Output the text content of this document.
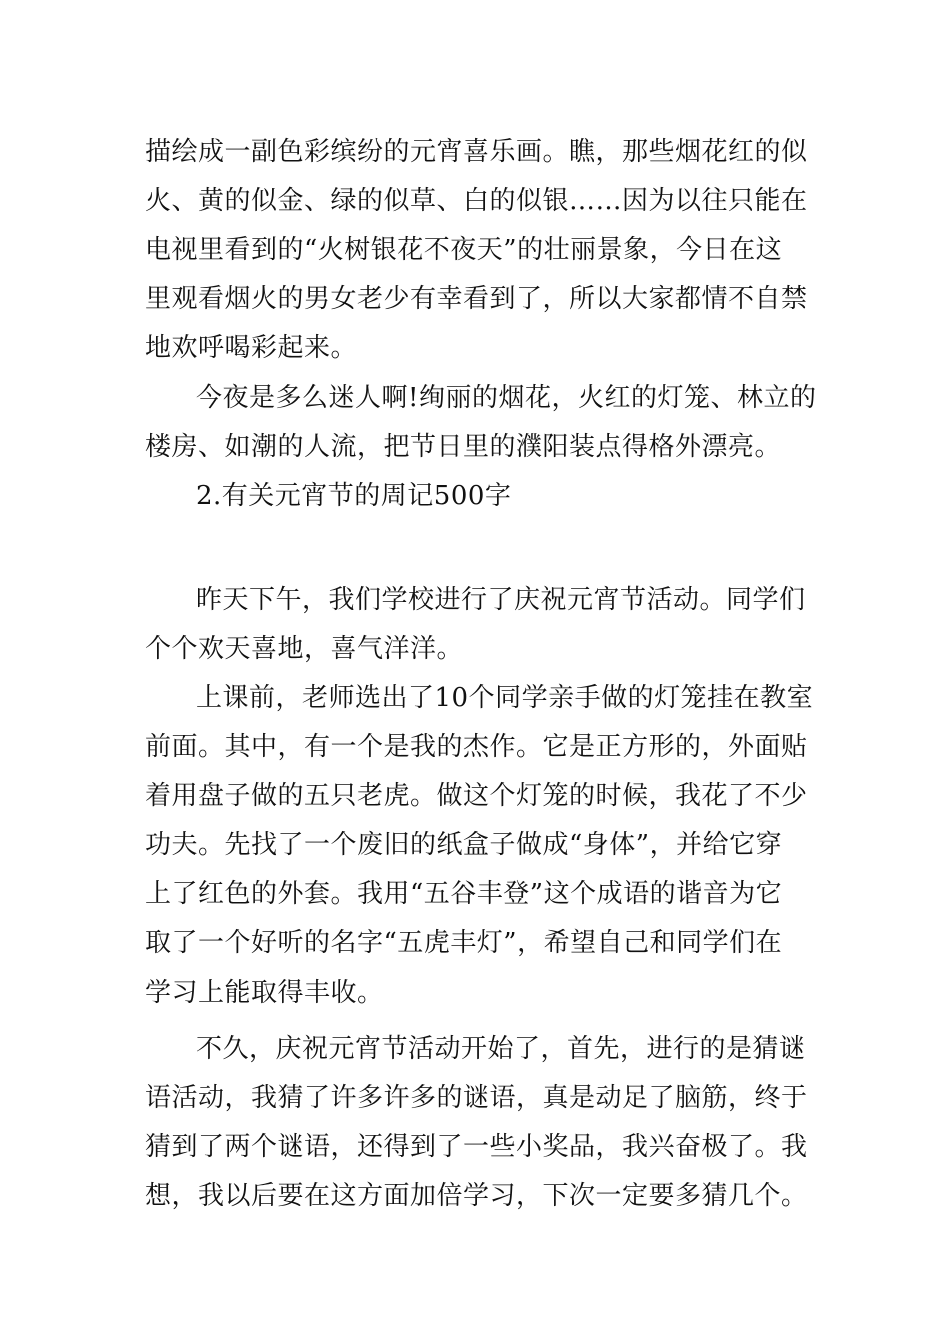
描绘成一副色彩缤纷的元宵喜乐画。瞧，那些烟花红的似
火、黄的似金、绿的似草、白的似银……因为以往只能在
电视里看到的“火树银花不夜天”的壮丽景象，今日在这
里观看烟火的男女老少有幸看到了，所以大家都情不自禁
地欢呼喝彩起来。
今夜是多么迷人啊!绚丽的烟花，火红的灯笼、林立的
楼房、如潮的人流，把节日里的濮阳装点得格外漂亮。
2.有关元宵节的周记500字
昨天下午，我们学校进行了庆祝元宵节活动。同学们
个个欢天喜地，喜气洋洋。
上课前，老师选出了10个同学亲手做的灯笼挂在教室
前面。其中，有一个是我的杰作。它是正方形的，外面贴
着用盘子做的五只老虎。做这个灯笼的时候，我花了不少
功夫。先找了一个废旧的纸盒子做成“身体”，并给它穿
上了红色的外套。我用“五谷丰登”这个成语的谐音为它
取了一个好听的名字“五虎丰灯”，希望自己和同学们在
学习上能取得丰收。
不久，庆祝元宵节活动开始了，首先，进行的是猜谜
语活动，我猜了许多许多的谜语，真是动足了脑筋，终于
猜到了两个谜语，还得到了一些小奖品，我兴奋极了。我
想，我以后要在这方面加倍学习，下次一定要多猜几个。
